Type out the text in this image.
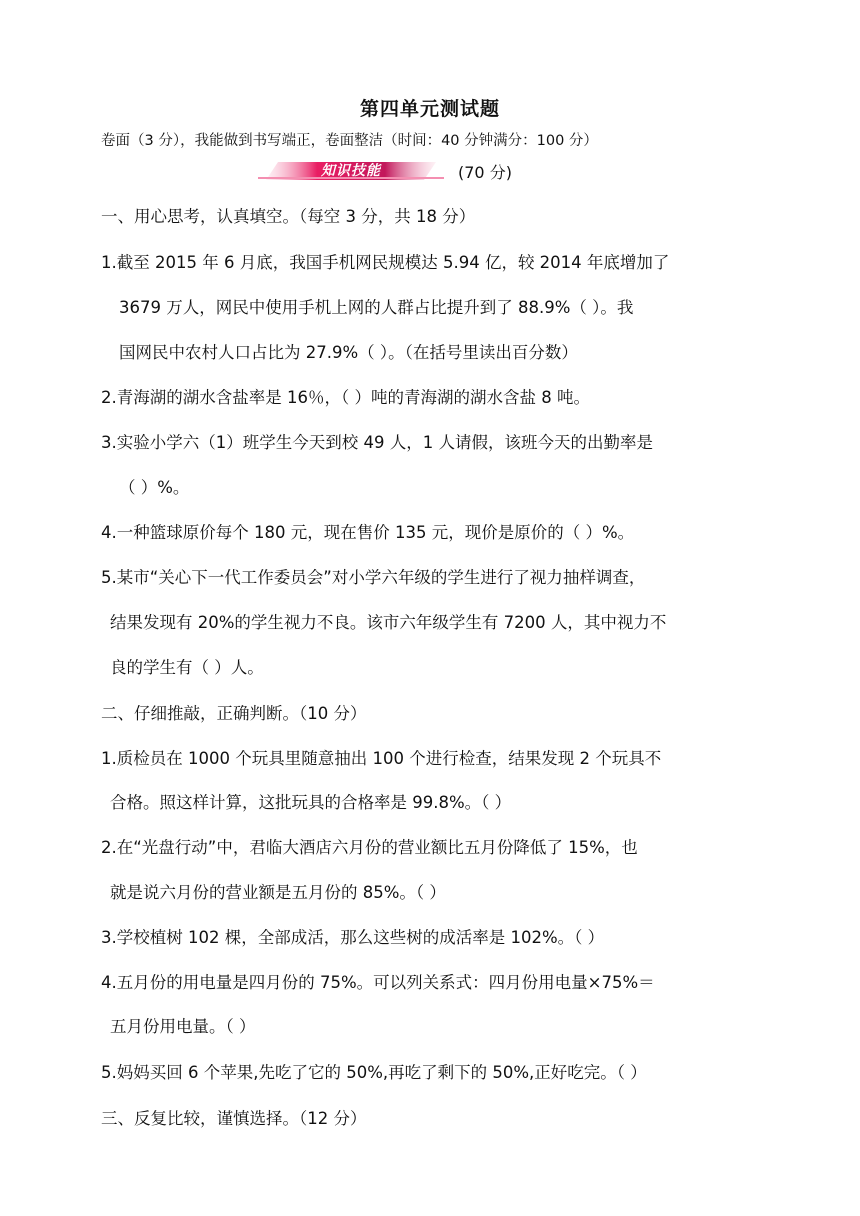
第四单元测试题
卷面（3 分），我能做到书写端正，卷面整洁（时间：40 分钟满分：100 分）
知识技能	(70 分)
一、用心思考，认真填空。（每空 3 分，共 18 分）
1.截至 2015 年 6 月底，我国手机网民规模达 5.94 亿，较 2014 年底增加了
3679 万人，网民中使用手机上网的人群占比提升到了 88.9%（ ）。我
国网民中农村人口占比为 27.9%（ ）。（在括号里读出百分数）
2.青海湖的湖水含盐率是 16％，（ ）吨的青海湖的湖水含盐 8 吨。
3.实验小学六（1）班学生今天到校 49 人，1 人请假，该班今天的出勤率是
（ ）%。
4.一种篮球原价每个 180 元，现在售价 135 元，现价是原价的（ ）%。
5.某市“关心下一代工作委员会”对小学六年级的学生进行了视力抽样调查，
结果发现有 20%的学生视力不良。该市六年级学生有 7200 人，其中视力不
良的学生有（ ）人。
二、仔细推敲，正确判断。（10 分）
1.质检员在 1000 个玩具里随意抽出 100 个进行检查，结果发现 2 个玩具不
合格。照这样计算，这批玩具的合格率是 99.8%。（ ）
2.在“光盘行动”中，君临大酒店六月份的营业额比五月份降低了 15%，也
就是说六月份的营业额是五月份的 85%。（ ）
3.学校植树 102 棵，全部成活，那么这些树的成活率是 102%。（ ）
4.五月份的用电量是四月份的 75%。可以列关系式：四月份用电量×75%＝
五月份用电量。（ ）
5.妈妈买回 6 个苹果,先吃了它的 50%,再吃了剩下的 50%,正好吃完。（ ）
三、反复比较，谨慎选择。（12 分）
